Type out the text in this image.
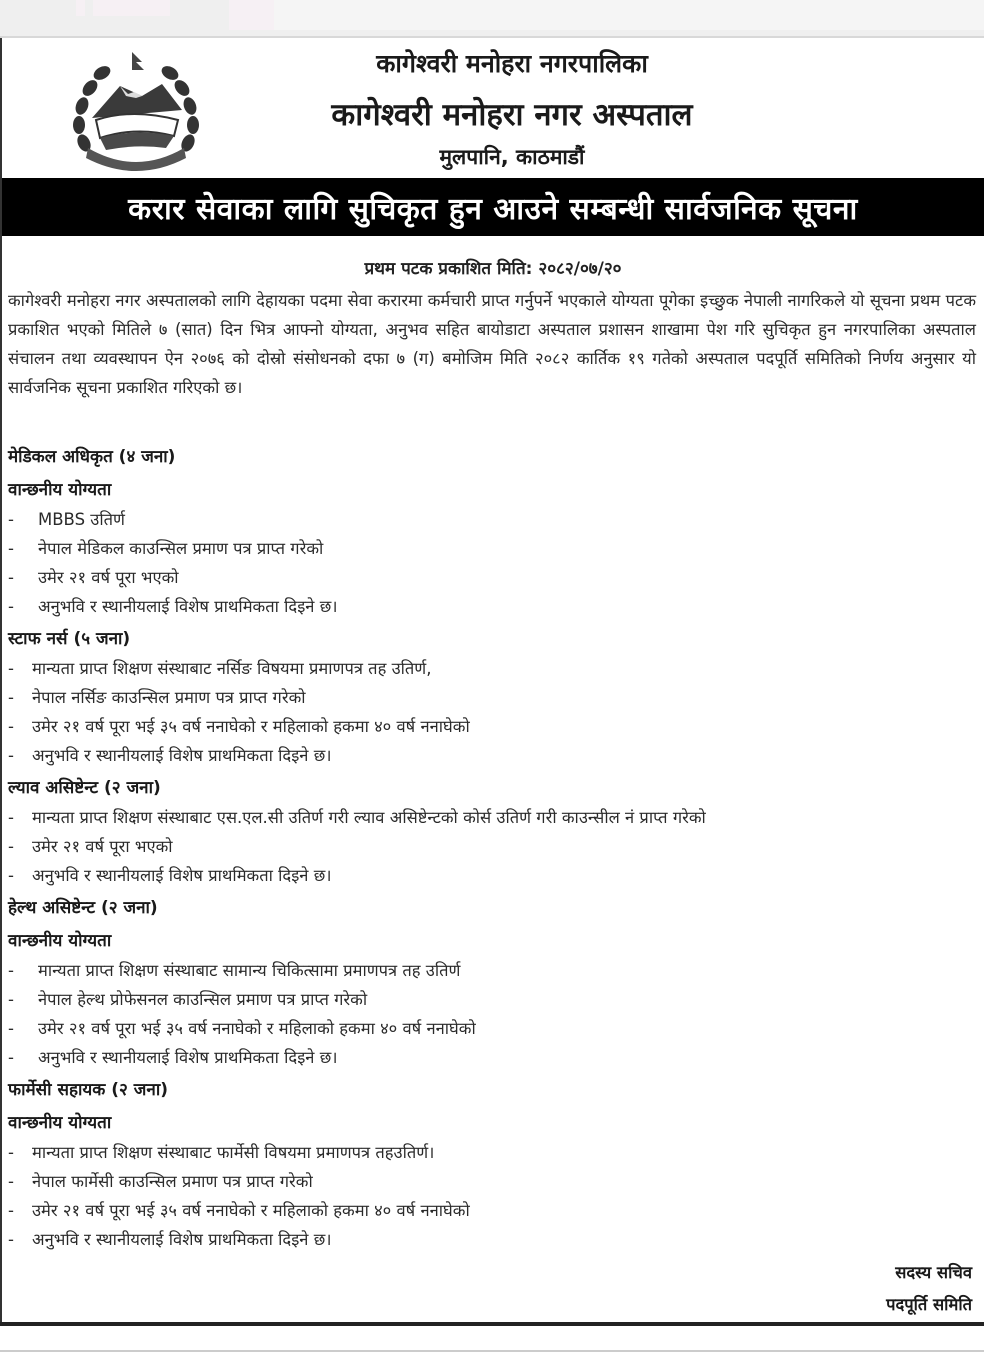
कागेश्वरी मनोहरा नगरपालिका
कागेश्वरी मनोहरा नगर अस्पताल
मुलपानि, काठमाडौं
करार सेवाका लागि सुचिकृत हुन आउने सम्बन्धी सार्वजनिक सूचना
प्रथम पटक प्रकाशित मिति: २०८२/०७/२०
कागेश्वरी मनोहरा नगर अस्पतालको लागि देहायका पदमा सेवा करारमा कर्मचारी प्राप्त गर्नुपर्ने भएकाले योग्यता पूगेका इच्छुक नेपाली नागरिकले यो सूचना प्रथम पटक प्रकाशित भएको मितिले ७ (सात) दिन भित्र आफ्नो योग्यता, अनुभव सहित बायोडाटा अस्पताल प्रशासन शाखामा पेश गरि सुचिकृत हुन नगरपालिका अस्पताल संचालन तथा व्यवस्थापन ऐन २०७६ को दोस्रो संसोधनको दफा ७ (ग) बमोजिम मिति २०८२ कार्तिक १९ गतेको अस्पताल पदपूर्ति समितिको निर्णय अनुसार यो सार्वजनिक सूचना प्रकाशित गरिएको छ।
मेडिकल अधिकृत (४ जना)
वान्छनीय योग्यता
-	MBBS उतिर्ण
-	नेपाल मेडिकल काउन्सिल प्रमाण पत्र प्राप्त गरेको
-	उमेर २१ वर्ष पूरा भएको
-	अनुभवि र स्थानीयलाई विशेष प्राथमिकता दिइने छ।
स्टाफ नर्स (५ जना)
-	मान्यता प्राप्त शिक्षण संस्थाबाट नर्सिङ विषयमा प्रमाणपत्र तह उतिर्ण,
-	नेपाल नर्सिङ काउन्सिल प्रमाण पत्र प्राप्त गरेको
-	उमेर २१ वर्ष पूरा भई ३५ वर्ष ननाघेको र महिलाको हकमा ४० वर्ष ननाघेको
-	अनुभवि र स्थानीयलाई विशेष प्राथमिकता दिइने छ।
ल्याव असिष्टेन्ट (२ जना)
-	मान्यता प्राप्त शिक्षण संस्थाबाट एस.एल.सी उतिर्ण गरी ल्याव असिष्टेन्टको कोर्स उतिर्ण गरी काउन्सील नं प्राप्त गरेको
-	उमेर २१ वर्ष पूरा भएको
-	अनुभवि र स्थानीयलाई विशेष प्राथमिकता दिइने छ।
हेल्थ असिष्टेन्ट (२ जना)
वान्छनीय योग्यता
-	मान्यता प्राप्त शिक्षण संस्थाबाट सामान्य चिकित्सामा प्रमाणपत्र तह उतिर्ण
-	नेपाल हेल्थ प्रोफेसनल काउन्सिल प्रमाण पत्र प्राप्त गरेको
-	उमेर २१ वर्ष पूरा भई ३५ वर्ष ननाघेको र महिलाको हकमा ४० वर्ष ननाघेको
-	अनुभवि र स्थानीयलाई विशेष प्राथमिकता दिइने छ।
फार्मेसी सहायक (२ जना)
वान्छनीय योग्यता
-	मान्यता प्राप्त शिक्षण संस्थाबाट फार्मेसी विषयमा प्रमाणपत्र तहउतिर्ण।
-	नेपाल फार्मेसी काउन्सिल प्रमाण पत्र प्राप्त गरेको
-	उमेर २१ वर्ष पूरा भई ३५ वर्ष ननाघेको र महिलाको हकमा ४० वर्ष ननाघेको
-	अनुभवि र स्थानीयलाई विशेष प्राथमिकता दिइने छ।
सदस्य सचिव
पदपूर्ति समिति
